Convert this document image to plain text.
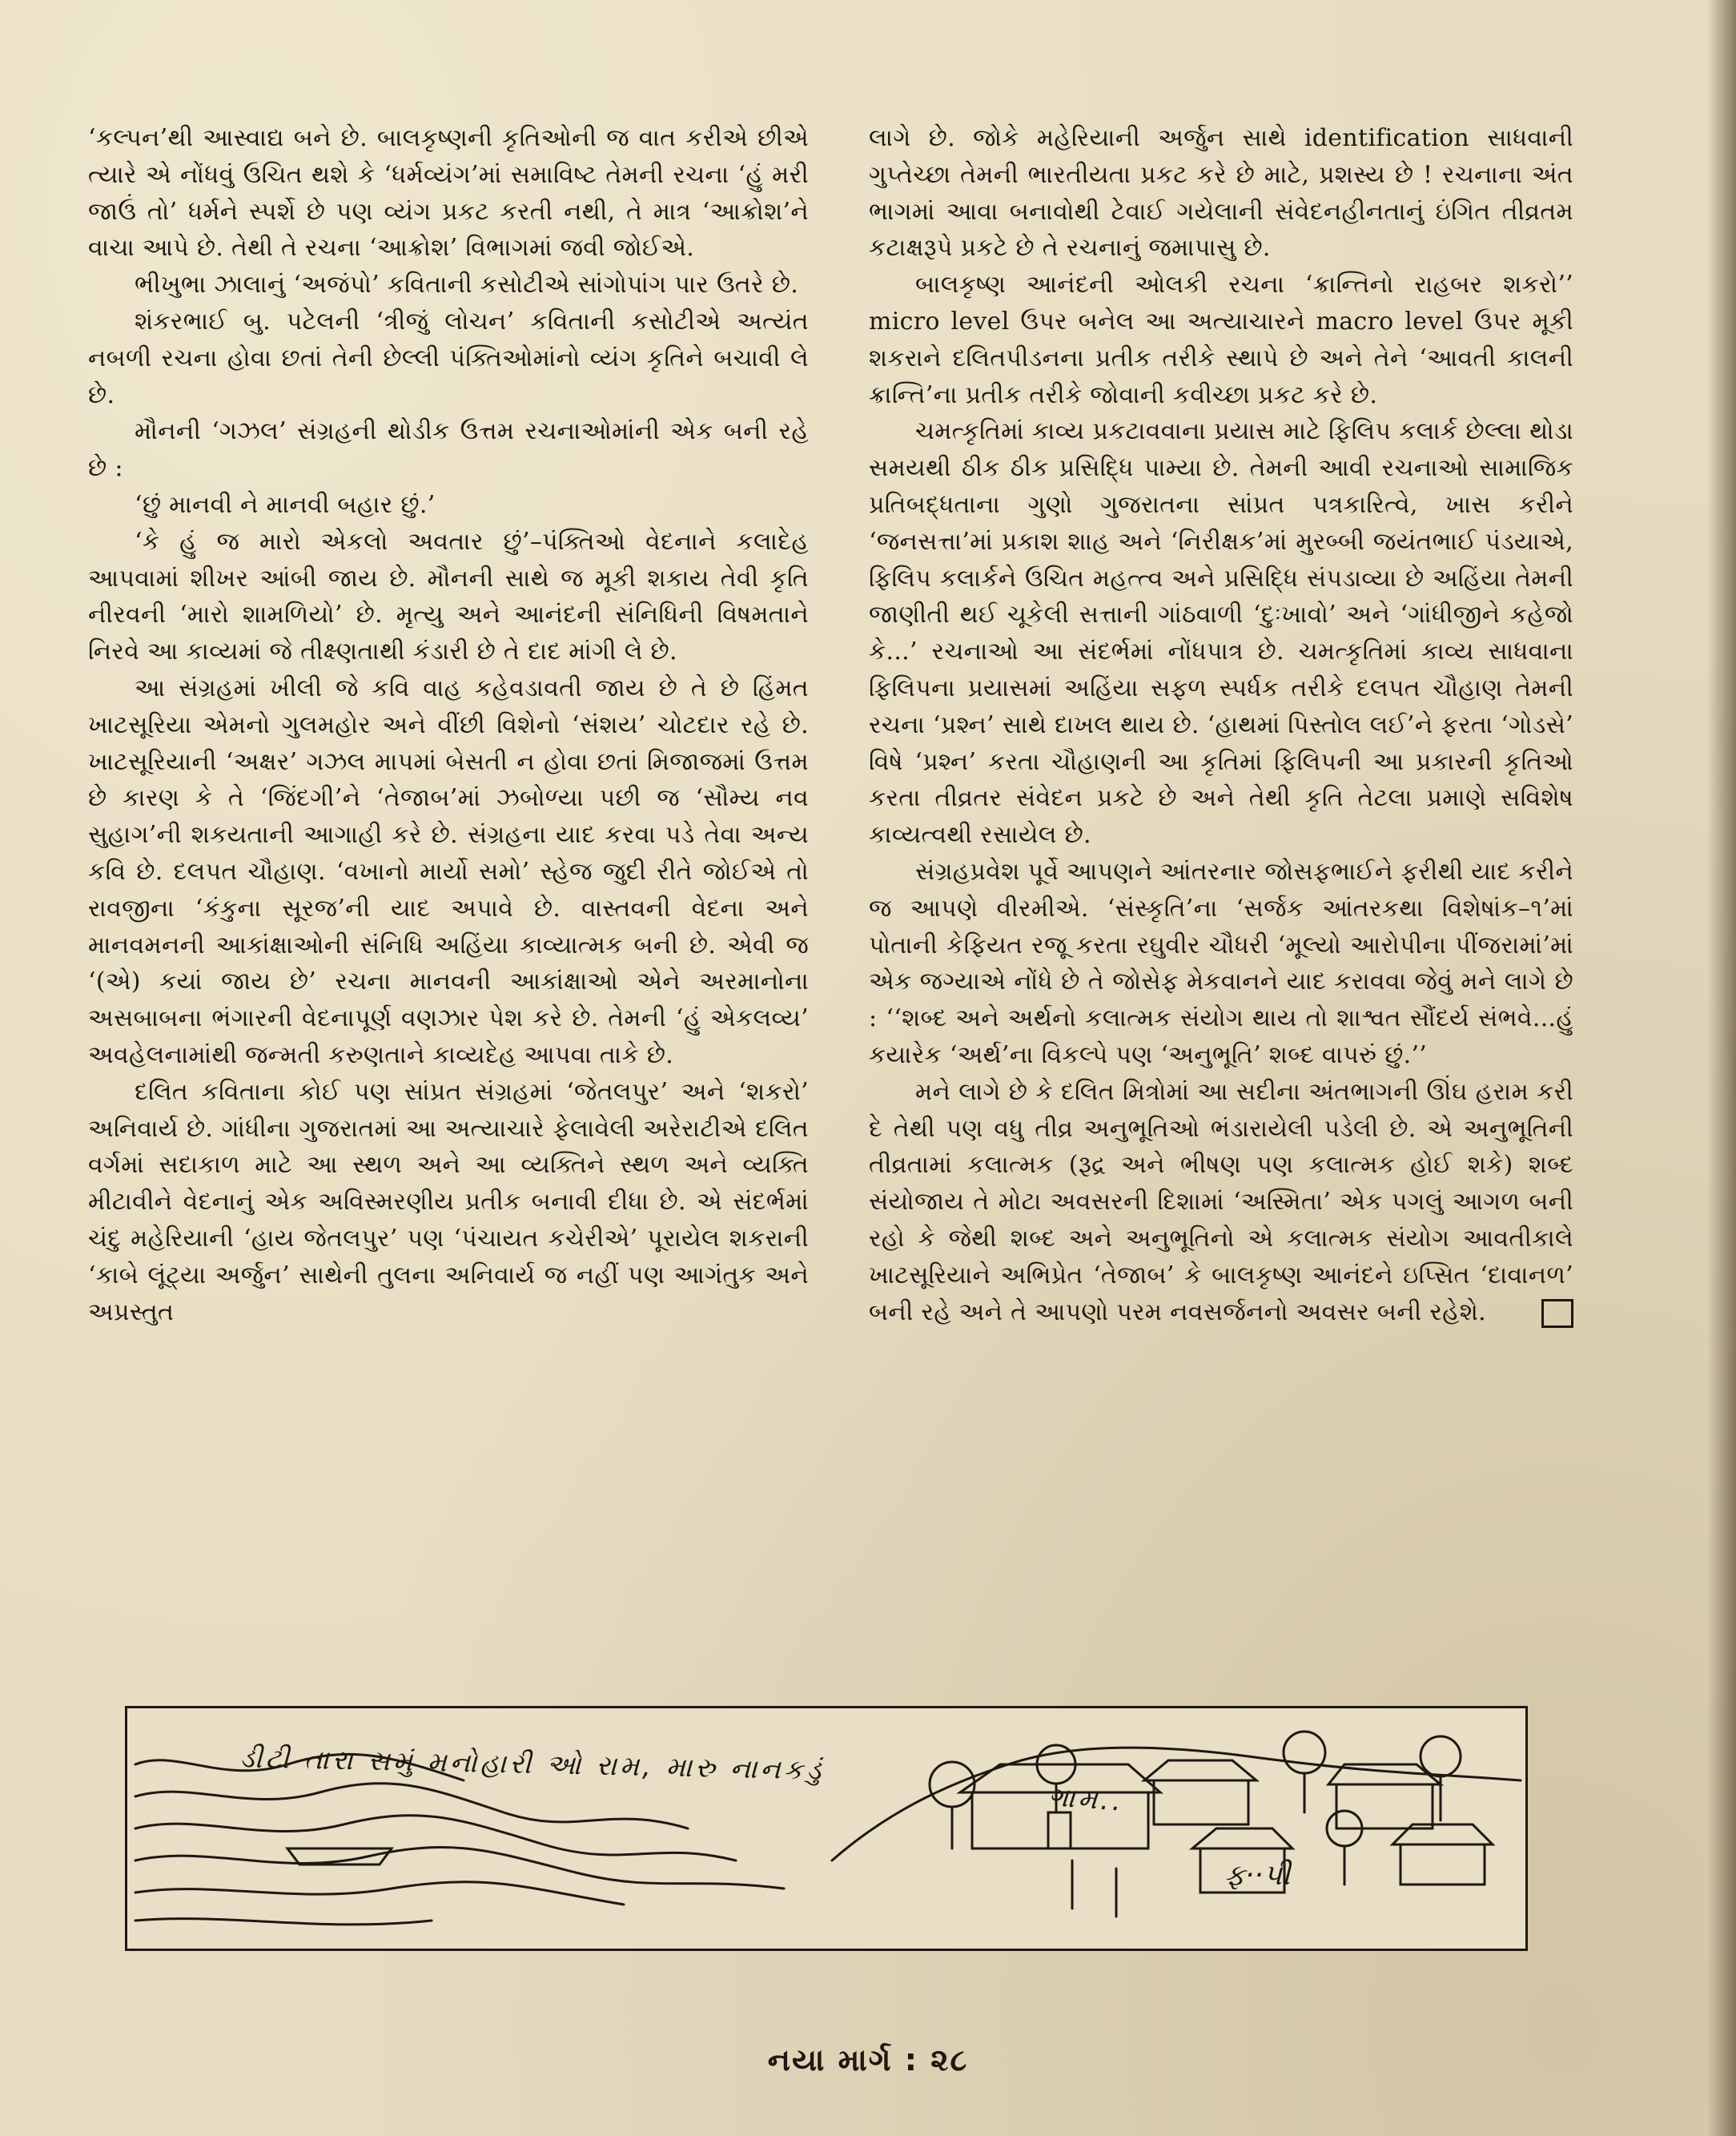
‘કલ્પન’થી આસ્વાદ્ય બને છે. બાલકૃષ્ણની કૃતિઓની જ વાત કરીએ છીએ ત્યારે એ નોંધવું ઉચિત થશે કે ‘ધર્મવ્યંગ’માં સમાવિષ્ટ તેમની રચના ‘હું મરી જાઉં તો’ ધર્મને સ્પર્શે છે પણ વ્યંગ પ્રકટ કરતી નથી, તે માત્ર ‘આક્રોશ’ને વાચા આપે છે. તેથી તે રચના ‘આક્રોશ’ વિભાગમાં જવી જોઈએ.

ભીખુભા ઝાલાનું ‘અજંપો’ કવિતાની કસોટીએ સાંગોપાંગ પાર ઉતરે છે.

શંકરભાઈ બુ. પટેલની ‘ત્રીજું લોચન’ કવિતાની કસોટીએ અત્યંત નબળી રચના હોવા છતાં તેની છેલ્લી પંક્તિઓમાંનો વ્યંગ કૃતિને બચાવી લે છે.

મૌનની ‘ગઝલ’ સંગ્રહની થોડીક ઉત્તમ રચનાઓમાંની એક બની રહે છે :

‘છું માનવી ને માનવી બહાર છું.’

‘કે હું જ મારો એકલો અવતાર છું’–પંક્તિઓ વેદનાને કલાદેહ આપવામાં શીખર આંબી જાય છે. મૌનની સાથે જ મૂકી શકાય તેવી કૃતિ નીરવની ‘મારો શામળિયો’ છે. મૃત્યુ અને આનંદની સંનિધિની વિષમતાને નિરવે આ કાવ્યમાં જે તીક્ષ્ણતાથી કંડારી છે તે દાદ માંગી લે છે.

આ સંગ્રહમાં ખીલી જે કવિ વાહ કહેવડાવતી જાય છે તે છે હિંમત ખાટસૂરિયા એમનો ગુલમહોર અને વીંછી વિશેનો ‘સંશય’ ચોટદાર રહે છે. ખાટસૂરિયાની ‘અક્ષર’ ગઝલ માપમાં બેસતી ન હોવા છતાં મિજાજમાં ઉત્તમ છે કારણ કે તે ‘જિંદગી’ને ‘તેજાબ’માં ઝબોળ્યા પછી જ ‘સૌમ્ય નવ સુહાગ’ની શકયતાની આગાહી કરે છે. સંગ્રહના યાદ કરવા પડે તેવા અન્ય કવિ છે. દલપત ચૌહાણ. ‘વખાનો માર્યો સમો’ સ્હેજ જુદી રીતે જોઈએ તો રાવજીના ‘કંકુના સૂરજ’ની યાદ અપાવે છે. વાસ્તવની વેદના અને માનવમનની આકાંક્ષાઓની સંનિધિ અહિંયા કાવ્યાત્મક બની છે. એવી જ ‘(એ) કયાં જાય છે’ રચના માનવની આકાંક્ષાઓ એને અરમાનોના અસબાબના ભંગારની વેદનાપૂર્ણ વણઝાર પેશ કરે છે. તેમની ‘હું એકલવ્ય’ અવહેલનામાંથી જન્મતી કરુણતાને કાવ્યદેહ આપવા તાકે છે.

દલિત કવિતાના કોઈ પણ સાંપ્રત સંગ્રહમાં ‘જેતલપુર’ અને ‘શકરો’ અનિવાર્ય છે. ગાંધીના ગુજરાતમાં આ અત્યાચારે ફેલાવેલી અરેરાટીએ દલિત વર્ગમાં સદાકાળ માટે આ સ્થળ અને આ વ્યક્તિને સ્થળ અને વ્યક્તિ મીટાવીને વેદનાનું એક અવિસ્મરણીય પ્રતીક બનાવી દીધા છે. એ સંદર્ભમાં ચંદુ મહેરિયાની ‘હાય જેતલપુર’ પણ ‘પંચાયત કચેરીએ’ પૂરાયેલ શકરાની ‘કાબે લૂંટ્યા અર્જુન’ સાથેની તુલના અનિવાર્ય જ નહીં પણ આગંતુક અને અપ્રસ્તુત

લાગે છે. જોકે મહેરિયાની અર્જુન સાથે identification સાધવાની ગુપ્તેચ્છા તેમની ભારતીયતા પ્રકટ કરે છે માટે, પ્રશસ્ય છે ! રચનાના અંત ભાગમાં આવા બનાવોથી ટેવાઈ ગયેલાની સંવેદનહીનતાનું ઇંગિત તીવ્રતમ કટાક્ષરૂપે પ્રકટે છે તે રચનાનું જમાપાસુ છે.

બાલકૃષ્ણ આનંદની ઓલકી રચના ‘ક્રાન્તિનો રાહબર શકરો’’ micro level ઉપર બનેલ આ અત્યાચારને macro level ઉપર મૂકી શકરાને દલિતપીડનના પ્રતીક તરીકે સ્થાપે છે અને તેને ‘આવતી કાલની ક્રાન્તિ’ના પ્રતીક તરીકે જોવાની કવીચ્છા પ્રકટ કરે છે.

ચમત્કૃતિમાં કાવ્ય પ્રકટાવવાના પ્રયાસ માટે ફિલિપ કલાર્ક છેલ્લા થોડા સમયથી ઠીક ઠીક પ્રસિદ્ધિ પામ્યા છે. તેમની આવી રચનાઓ સામાજિક પ્રતિબદ્ધતાના ગુણો ગુજરાતના સાંપ્રત પત્રકારિત્વે, ખાસ કરીને ‘જનસત્તા’માં પ્રકાશ શાહ અને ‘નિરીક્ષક’માં મુરબ્બી જયંતભાઈ પંડયાએ, ફિલિપ કલાર્કને ઉચિત મહત્ત્વ અને પ્રસિદ્ધિ સંપડાવ્યા છે અહિંયા તેમની જાણીતી થઈ ચૂકેલી સત્તાની ગાંઠવાળી ‘દુઃખાવો’ અને ‘ગાંધીજીને કહેજો કે...’ રચનાઓ આ સંદર્ભમાં નોંધપાત્ર છે. ચમત્કૃતિમાં કાવ્ય સાધવાના ફિલિપના પ્રયાસમાં અહિંયા સફળ સ્પર્ધક તરીકે દલપત ચૌહાણ તેમની રચના ‘પ્રશ્ન’ સાથે દાખલ થાય છે. ‘હાથમાં પિસ્તોલ લઈ’ને ફરતા ‘ગોડસે’ વિષે ‘પ્રશ્ન’ કરતા ચૌહાણની આ કૃતિમાં ફિલિપની આ પ્રકારની કૃતિઓ કરતા તીવ્રતર સંવેદન પ્રકટે છે અને તેથી કૃતિ તેટલા પ્રમાણે સવિશેષ કાવ્યત્વથી રસાયેલ છે.

સંગ્રહપ્રવેશ પૂર્વે આપણને આંતરનાર જોસફભાઈને ફરીથી યાદ કરીને જ આપણે વીરમીએ. ‘સંસ્કૃતિ’ના ‘સર્જક આંતરકથા વિશેષાંક–૧’માં પોતાની કેફિયત રજૂ કરતા રઘુવીર ચૌધરી ‘મૂલ્યો આરોપીના પીંજરામાં’માં એક જગ્યાએ નોંધે છે તે જોસેફ મેકવાનને યાદ કરાવવા જેવું મને લાગે છે : ‘‘શબ્દ અને અર્થનો કલાત્મક સંયોગ થાય તો શાશ્વત સૌંદર્ય સંભવે...હું કયારેક ‘અર્થ’ના વિકલ્પે પણ ‘અનુભૂતિ’ શબ્દ વાપરું છું.’’

મને લાગે છે કે દલિત મિત્રોમાં આ સદીના અંતભાગની ઊંઘ હરામ કરી દે તેથી પણ વધુ તીવ્ર અનુભૂતિઓ ભંડારાયેલી પડેલી છે. એ અનુભૂતિની તીવ્રતામાં કલાત્મક (રૂદ્ર અને ભીષણ પણ કલાત્મક હોઈ શકે) શબ્દ સંયોજાય તે મોટા અવસરની દિશામાં ‘અસ્મિતા’ એક પગલું આગળ બની રહો કે જેથી શબ્દ અને અનુભૂતિનો એ કલાત્મક સંયોગ આવતીકાલે ખાટસૂરિયાને અભિપ્રેત ‘તેજાબ’ કે બાલકૃષ્ણ આનંદને ઇપ્સિત ‘દાવાનળ’ બની રહે અને તે આપણો પરમ નવસર્જનનો અવસર બની રહેશે.

ડીટી તારા સમું મનોહારી ઓ રામ, મારુ નાનકડું
ગામ..
ફ··પી
નયા માર્ગ : ૨૮
